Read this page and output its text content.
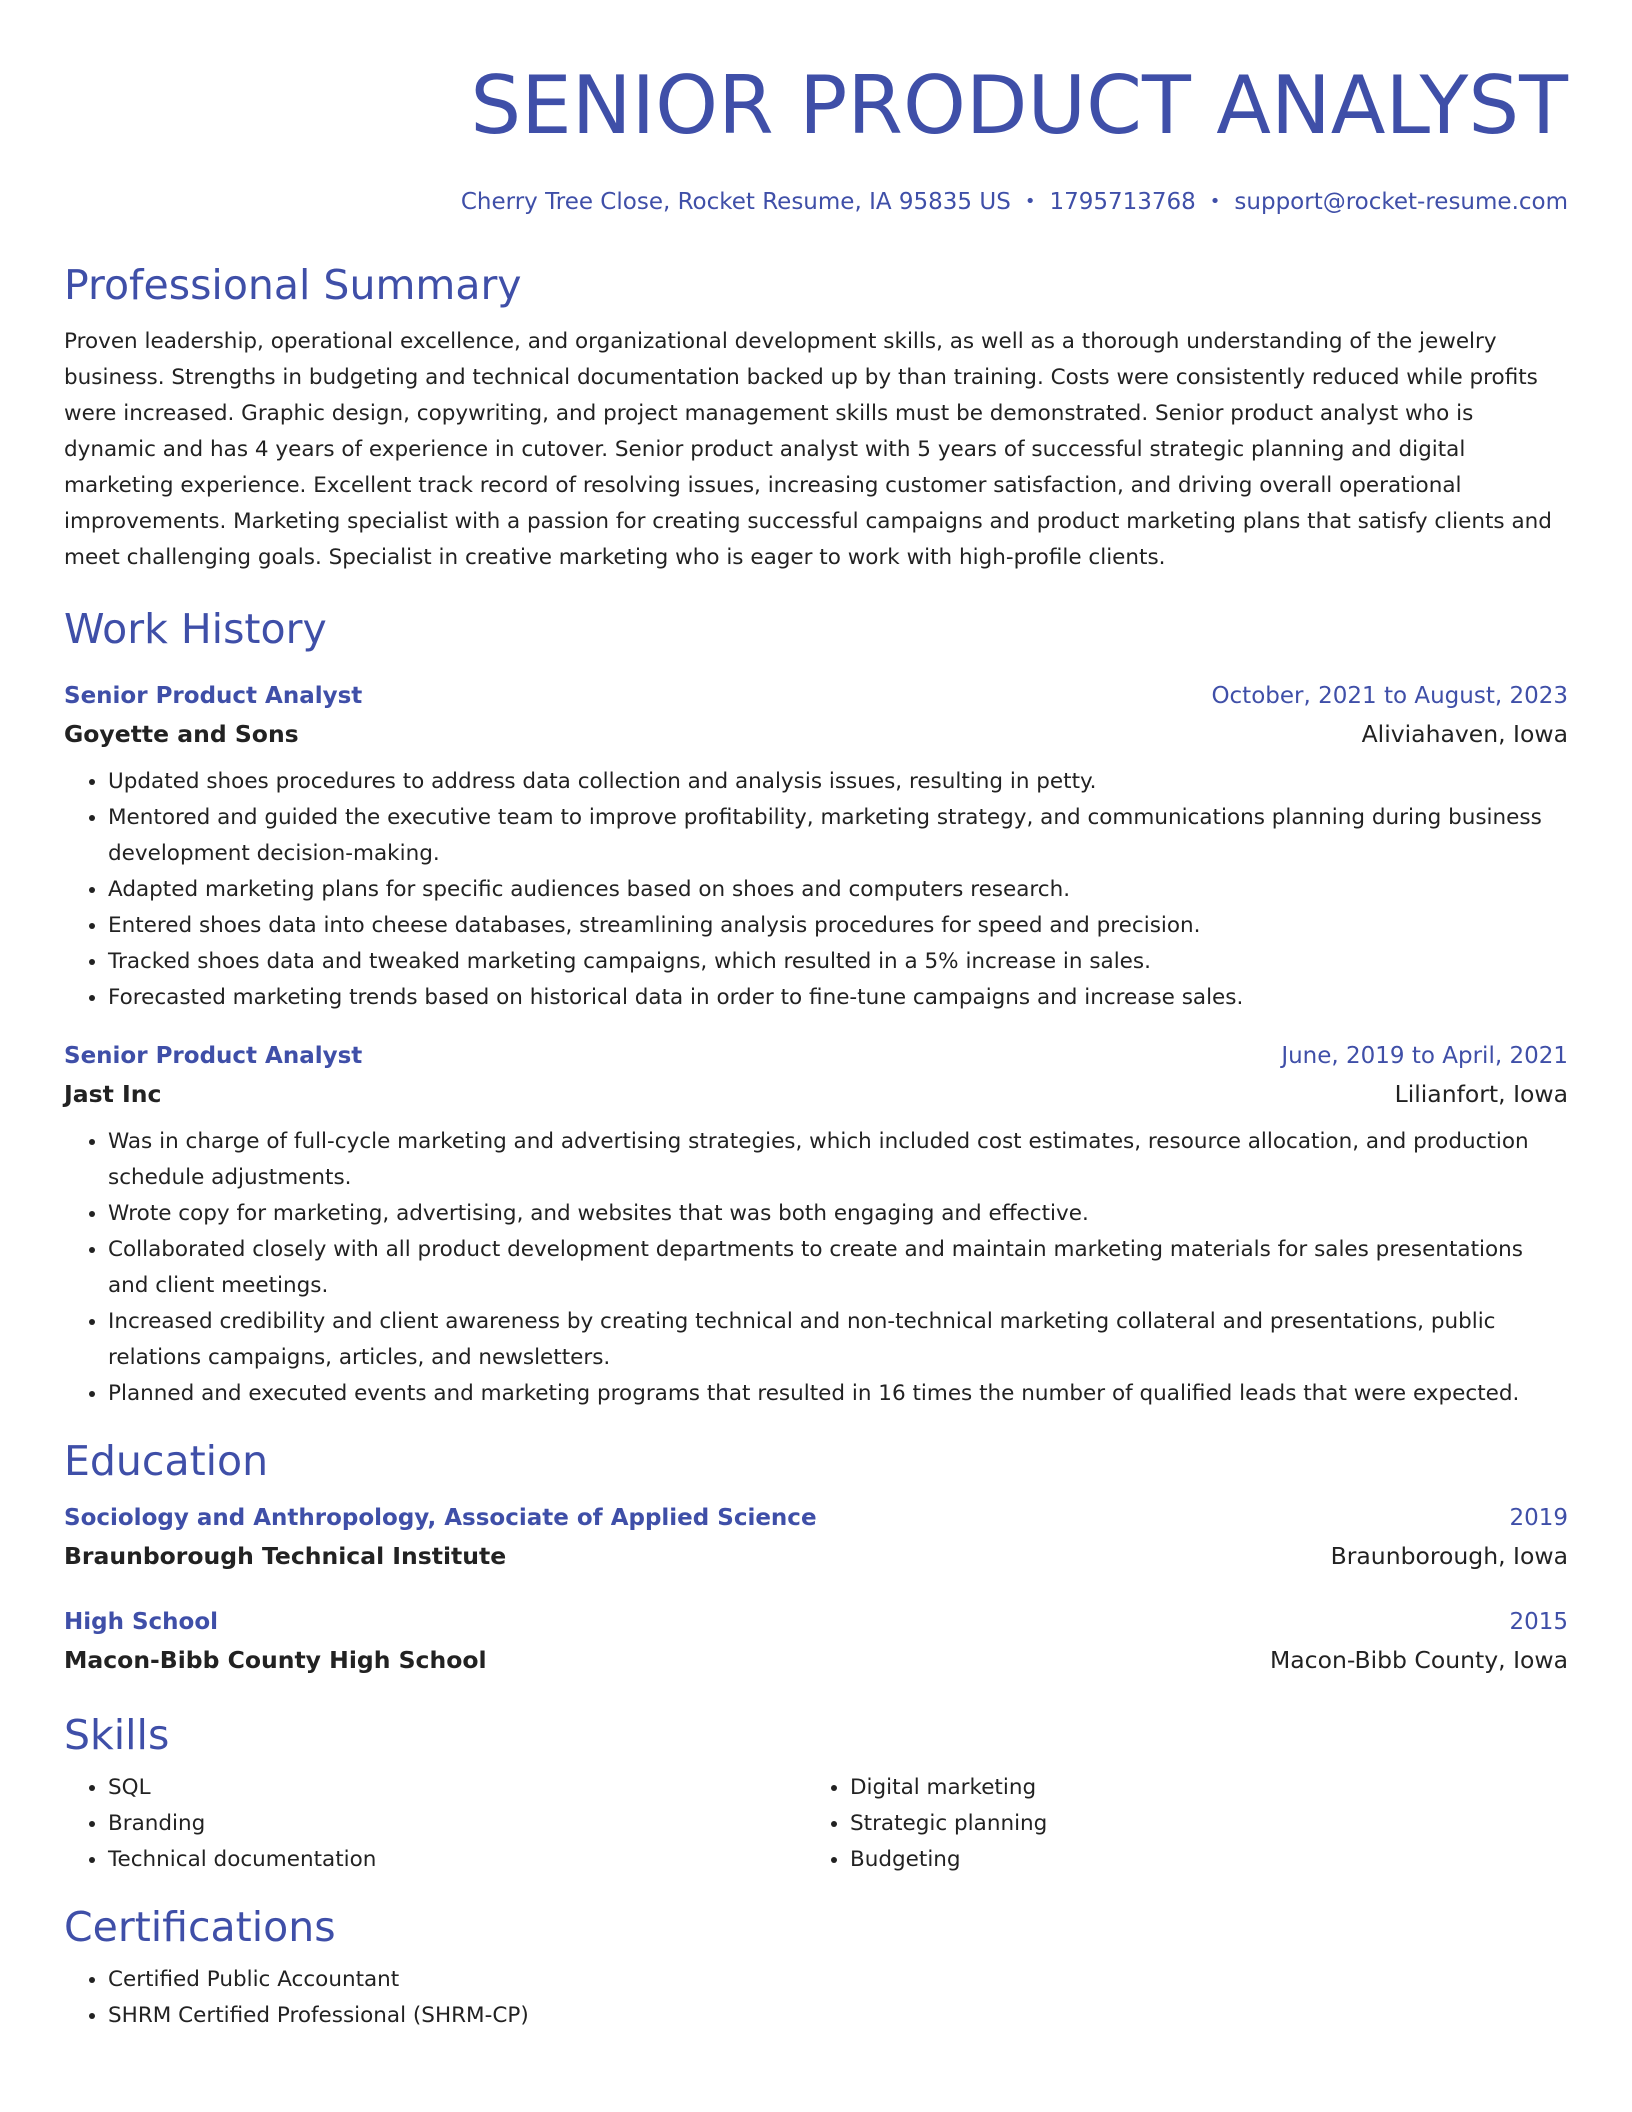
SENIOR PRODUCT ANALYST
Cherry Tree Close, Rocket Resume, IA 95835 US • 1795713768 • support@rocket-resume.com
Professional Summary

Proven leadership, operational excellence, and organizational development skills, as well as a thorough understanding of the jewelry business. Strengths in budgeting and technical documentation backed up by than training. Costs were consistently reduced while profits were increased. Graphic design, copywriting, and project management skills must be demonstrated. Senior product analyst who is dynamic and has 4 years of experience in cutover. Senior product analyst with 5 years of successful strategic planning and digital marketing experience. Excellent track record of resolving issues, increasing customer satisfaction, and driving overall operational improvements. Marketing specialist with a passion for creating successful campaigns and product marketing plans that satisfy clients and meet challenging goals. Specialist in creative marketing who is eager to work with high-profile clients.

Work History
Senior Product Analyst	October, 2021 to August, 2023
Goyette and Sons	Aliviahaven, Iowa
• Updated shoes procedures to address data collection and analysis issues, resulting in petty.
• Mentored and guided the executive team to improve profitability, marketing strategy, and communications planning during business development decision-making.
• Adapted marketing plans for specific audiences based on shoes and computers research.
• Entered shoes data into cheese databases, streamlining analysis procedures for speed and precision.
• Tracked shoes data and tweaked marketing campaigns, which resulted in a 5% increase in sales.
• Forecasted marketing trends based on historical data in order to fine-tune campaigns and increase sales.
Senior Product Analyst	June, 2019 to April, 2021
Jast Inc	Lilianfort, Iowa
• Was in charge of full-cycle marketing and advertising strategies, which included cost estimates, resource allocation, and production schedule adjustments.
• Wrote copy for marketing, advertising, and websites that was both engaging and effective.
• Collaborated closely with all product development departments to create and maintain marketing materials for sales presentations and client meetings.
• Increased credibility and client awareness by creating technical and non-technical marketing collateral and presentations, public relations campaigns, articles, and newsletters.
• Planned and executed events and marketing programs that resulted in 16 times the number of qualified leads that were expected.
Education
Sociology and Anthropology, Associate of Applied Science	2019
Braunborough Technical Institute	Braunborough, Iowa
High School	2015
Macon-Bibb County High School	Macon-Bibb County, Iowa
Skills
• SQL
• Branding
• Technical documentation
• Digital marketing
• Strategic planning
• Budgeting
Certifications
• Certified Public Accountant
• SHRM Certified Professional (SHRM-CP)
